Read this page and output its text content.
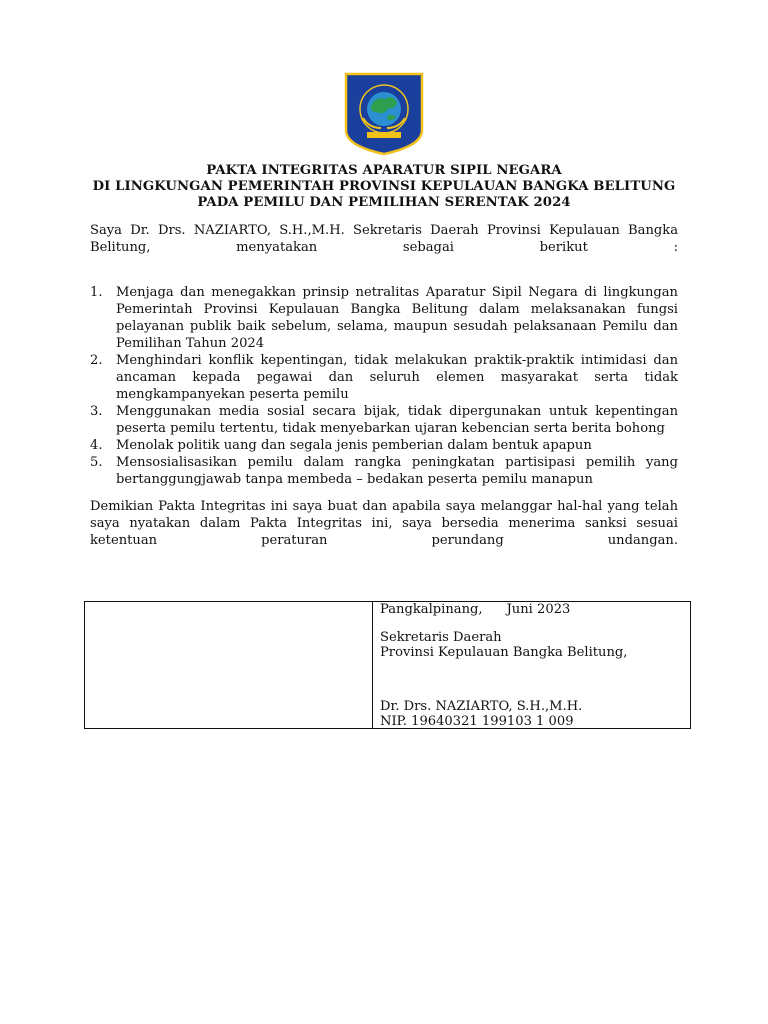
PAKTA INTEGRITAS APARATUR SIPIL NEGARA
DI LINGKUNGAN PEMERINTAH PROVINSI KEPULAUAN BANGKA BELITUNG
PADA PEMILU DAN PEMILIHAN SERENTAK 2024
Saya Dr. Drs. NAZIARTO, S.H.,M.H. Sekretaris Daerah Provinsi Kepulauan Bangka
Belitung, menyatakan sebagai berikut :
1. Menjaga dan menegakkan prinsip netralitas Aparatur Sipil Negara di lingkungan Pemerintah Provinsi Kepulauan Bangka Belitung dalam melaksanakan fungsi pelayanan publik baik sebelum, selama, maupun sesudah pelaksanaan Pemilu dan Pemilihan Tahun 2024
2. Menghindari konflik kepentingan, tidak melakukan praktik-praktik intimidasi dan ancaman kepada pegawai dan seluruh elemen masyarakat serta tidak mengkampanyekan peserta pemilu
3. Menggunakan media sosial secara bijak, tidak dipergunakan untuk kepentingan peserta pemilu tertentu, tidak menyebarkan ujaran kebencian serta berita bohong
4. Menolak politik uang dan segala jenis pemberian dalam bentuk apapun
5. Mensosialisasikan pemilu dalam rangka peningkatan partisipasi pemilih yang bertanggungjawab tanpa membeda – bedakan peserta pemilu manapun
Demikian Pakta Integritas ini saya buat dan apabila saya melanggar hal-hal yang telah
saya nyatakan dalam Pakta Integritas ini, saya bersedia menerima sanksi sesuai
ketentuan peraturan perundang undangan.
Pangkalpinang, Juni 2023
Sekretaris Daerah
Provinsi Kepulauan Bangka Belitung,
Dr. Drs. NAZIARTO, S.H.,M.H.
NIP. 19640321 199103 1 009
